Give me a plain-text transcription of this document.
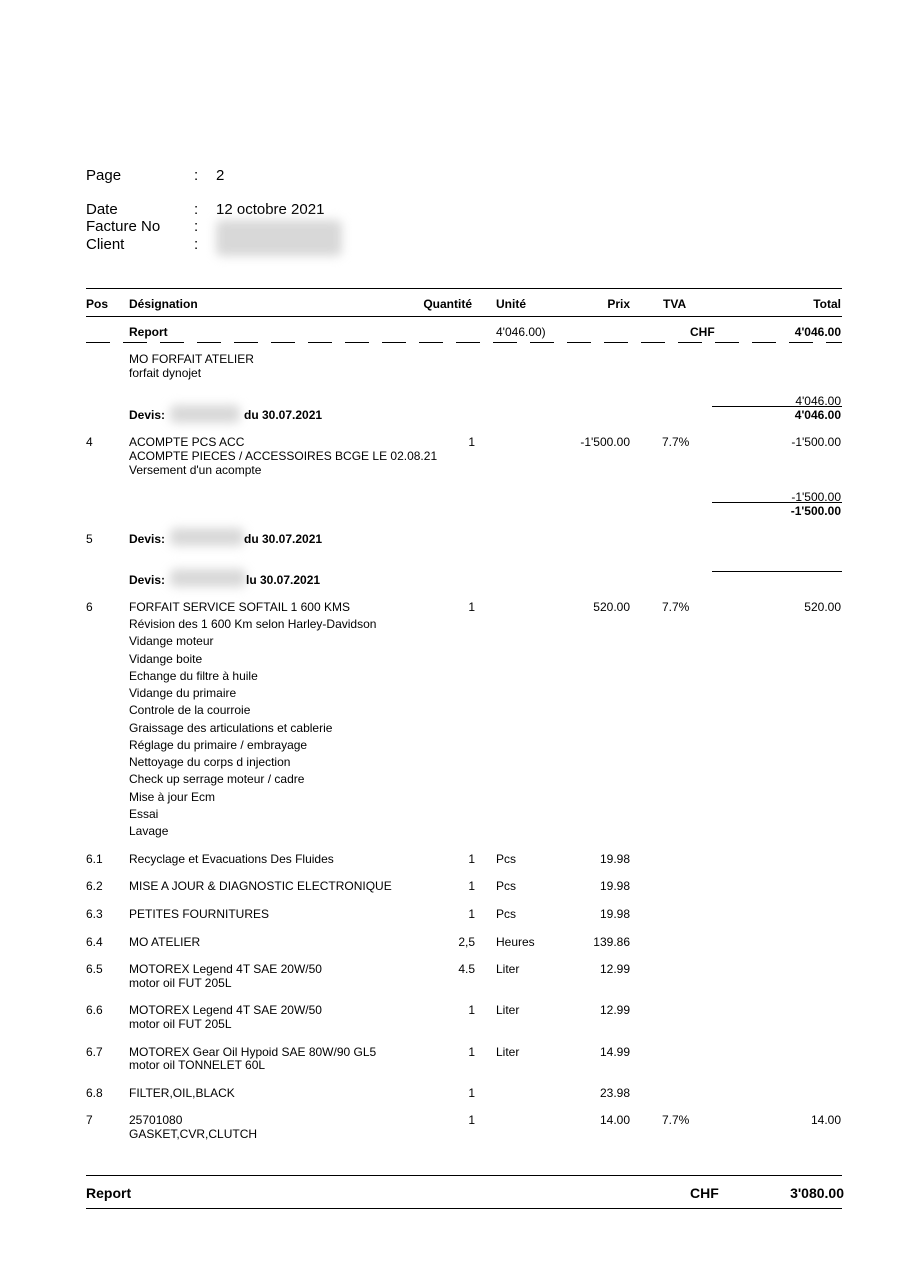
Page	: 2
Date	: 12 octobre 2021
Facture No :
Client	:
Pos Désignation	Quantité Unité	Prix	TVA	Total
Report	4'046.00)	CHF	4'046.00
MO FORFAIT ATELIER
forfait dynojet
4'046.00
4'046.00
Devis:	du 30.07.2021
4	ACOMPTE PCS ACC
ACOMPTE PIECES / ACCESSOIRES BCGE LE 02.08.21
Versement d'un acompte
1	-1'500.00	7.7%	-1'500.00
-1'500.00
-1'500.00
5	Devis:	du 30.07.2021
Devis:	lu 30.07.2021
6	FORFAIT SERVICE SOFTAIL 1 600 KMS	1	520.00	7.7%	520.00
Révision des 1 600 Km selon Harley-Davidson
Vidange moteur
Vidange boite
Echange du filtre à huile
Vidange du primaire
Controle de la courroie
Graissage des articulations et cablerie
Réglage du primaire / embrayage
Nettoyage du corps d injection
Check up serrage moteur / cadre
Mise à jour Ecm
Essai
Lavage
6.1 Recyclage et Evacuations Des Fluides	1 Pcs	19.98
6.2 MISE A JOUR & DIAGNOSTIC ELECTRONIQUE	1 Pcs	19.98
6.3 PETITES FOURNITURES	1 Pcs	19.98
6.4 MO ATELIER	2,5 Heures	139.86
6.5 MOTOREX Legend 4T SAE 20W/50
motor oil FUT 205L
4.5 Liter	12.99
6.6 MOTOREX Legend 4T SAE 20W/50
motor oil FUT 205L
1 Liter	12.99
6.7 MOTOREX Gear Oil Hypoid SAE 80W/90 GL5
motor oil TONNELET 60L
1 Liter	14.99
6.8 FILTER,OIL,BLACK	1	23.98
7	25701080
GASKET,CVR,CLUTCH
1	14.00	7.7%	14.00
Report	CHF	3'080.00
